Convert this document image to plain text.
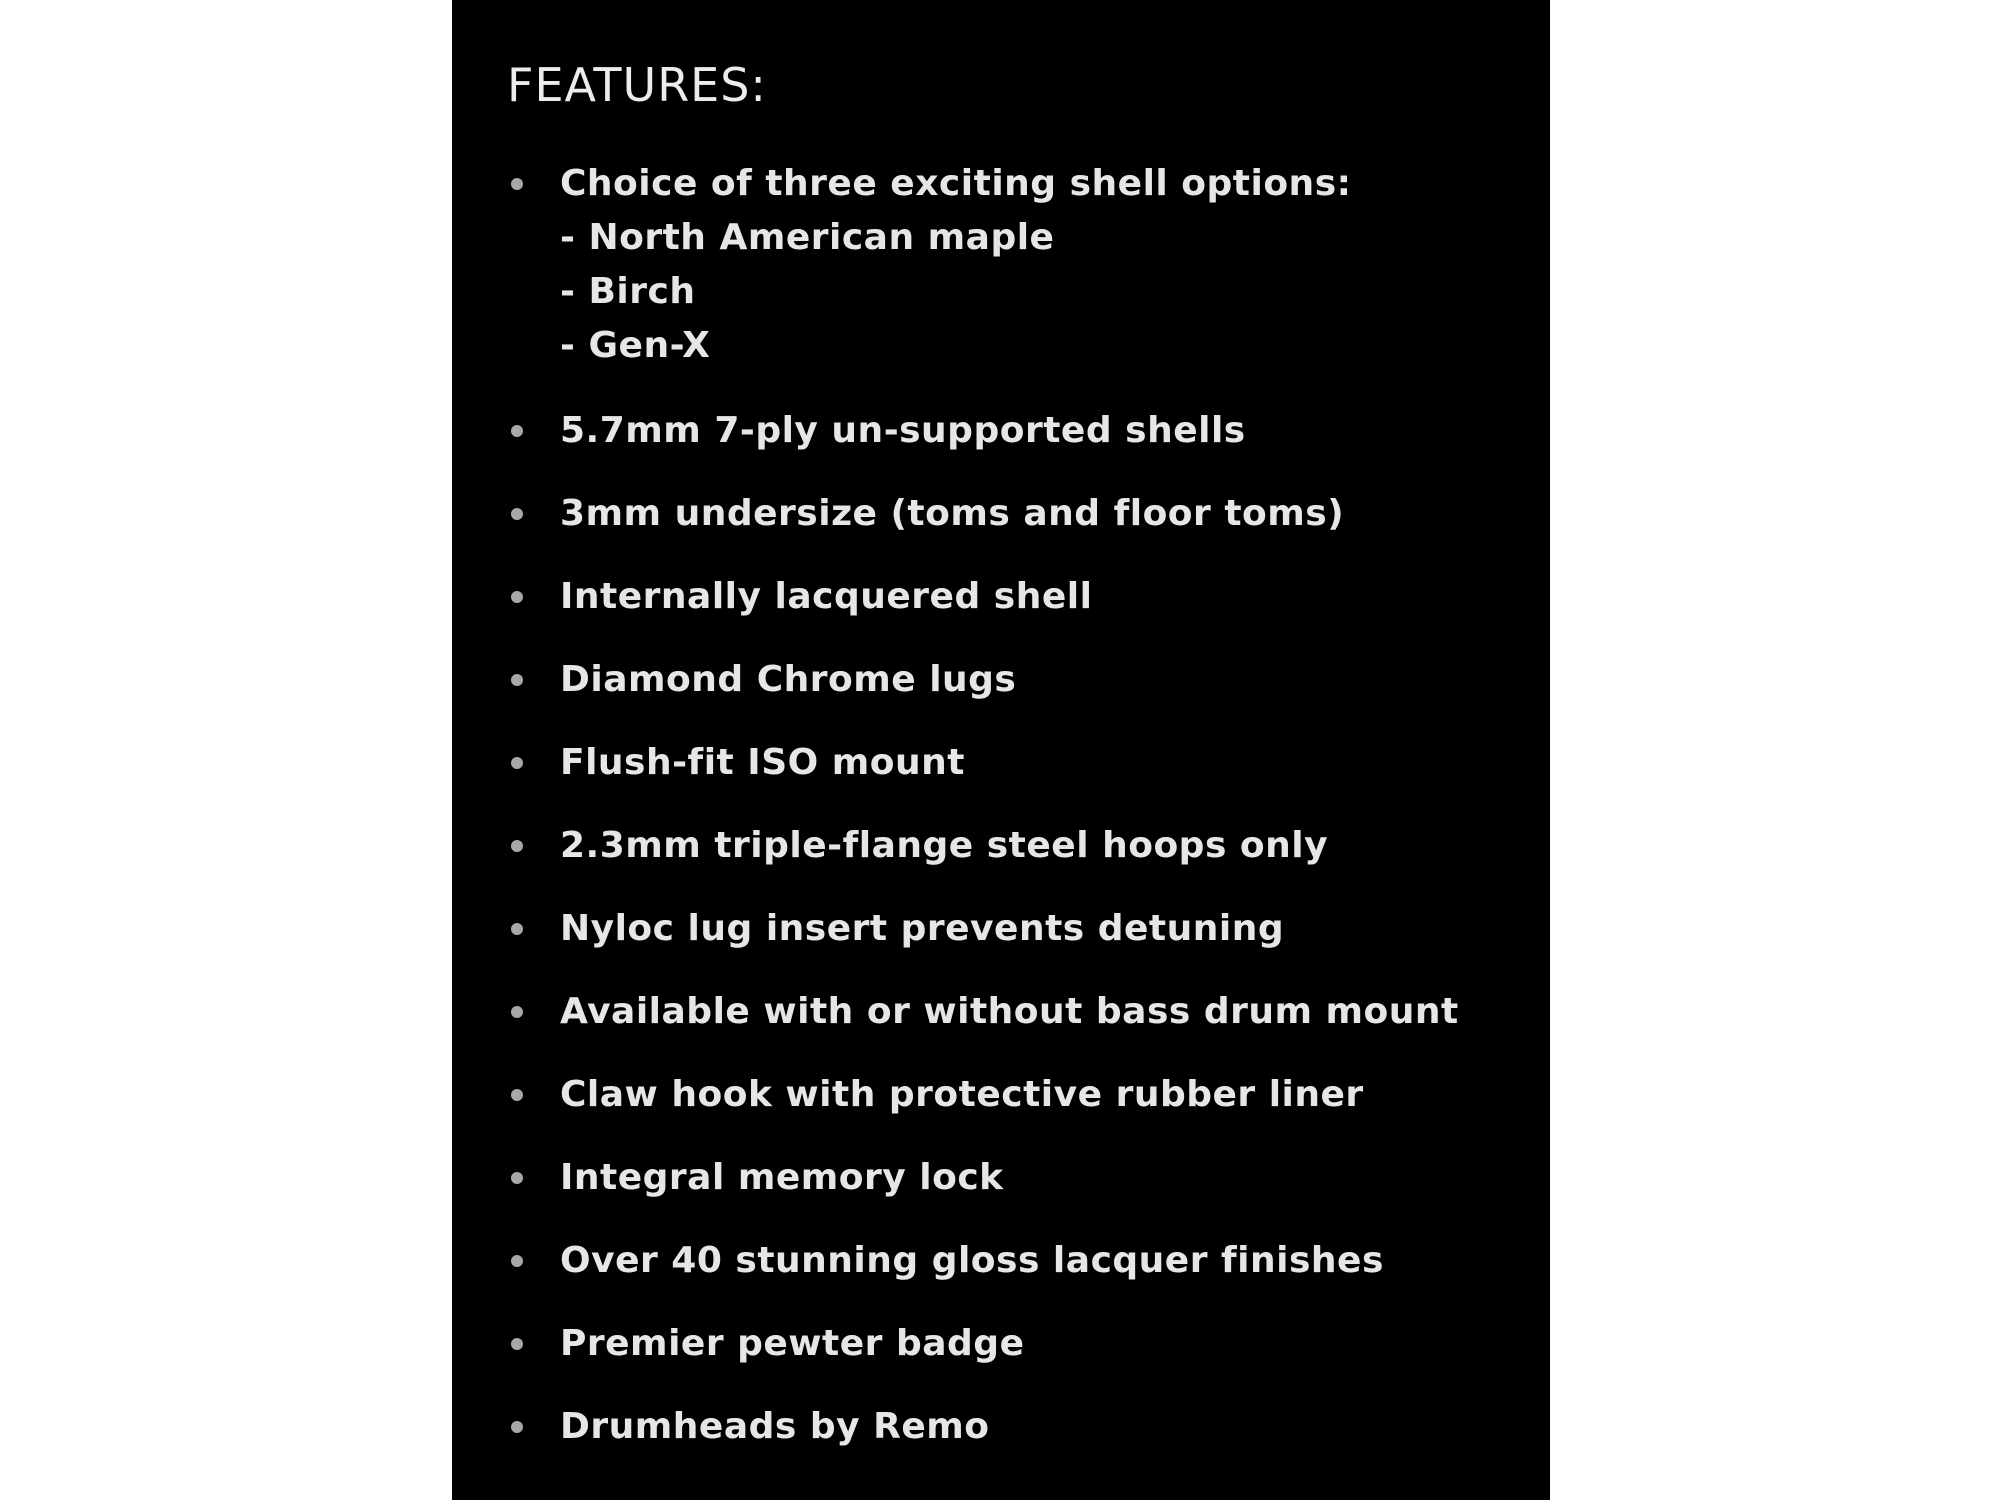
FEATURES:
Choice of three exciting shell options:
- North American maple
- Birch
- Gen-X
5.7mm 7-ply un-supported shells
3mm undersize (toms and floor toms)
Internally lacquered shell
Diamond Chrome lugs
Flush-fit ISO mount
2.3mm triple-flange steel hoops only
Nyloc lug insert prevents detuning
Available with or without bass drum mount
Claw hook with protective rubber liner
Integral memory lock
Over 40 stunning gloss lacquer finishes
Premier pewter badge
Drumheads by Remo
